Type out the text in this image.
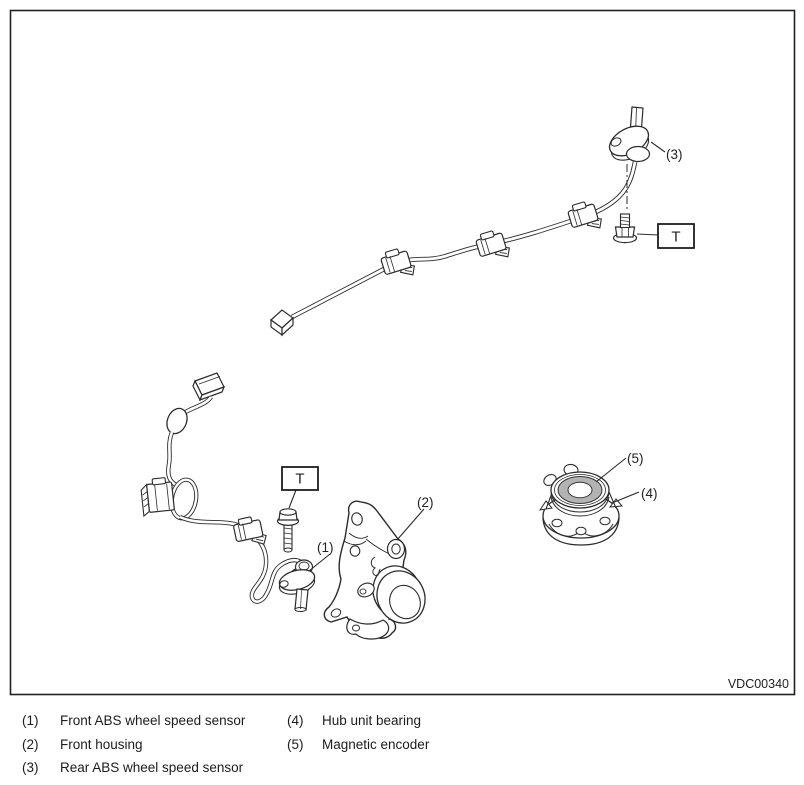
T
(3)
T
(1)
(2)
(5)
(4)
VDC00340
(1)	Front ABS wheel speed sensor	(4)	Hub unit bearing
(2)	Front housing	(5)	Magnetic encoder
(3)	Rear ABS wheel speed sensor
